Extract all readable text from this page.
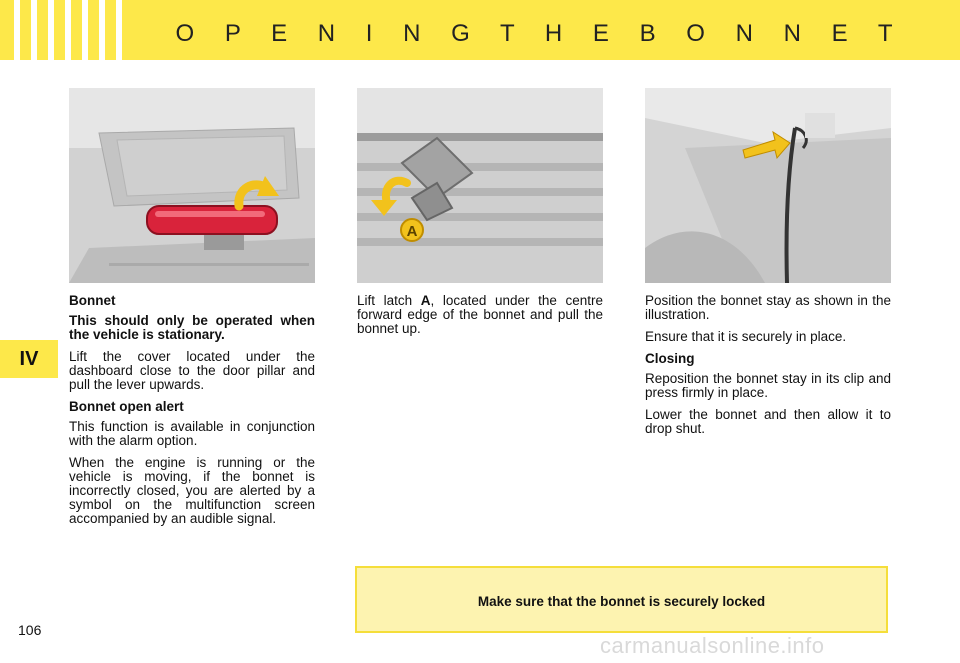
O P E N I N G T H E B O N N E T
IV
A
Bonnet

This should only be operated when the vehicle is stationary.

Lift the cover located under the dashboard close to the door pillar and pull the lever upwards.

Bonnet open alert

This function is available in conjunction with the alarm option.

When the engine is running or the vehicle is moving, if the bonnet is incorrectly closed, you are alerted by a symbol on the multifunction screen accompanied by an audible signal.

Lift latch A, located under the centre forward edge of the bonnet and pull the bonnet up.

Position the bonnet stay as shown in the illustration.

Ensure that it is securely in place.

Closing

Reposition the bonnet stay in its clip and press firmly in place.

Lower the bonnet and then allow it to drop shut.

Make sure that the bonnet is securely locked
106
carmanualsonline.info
